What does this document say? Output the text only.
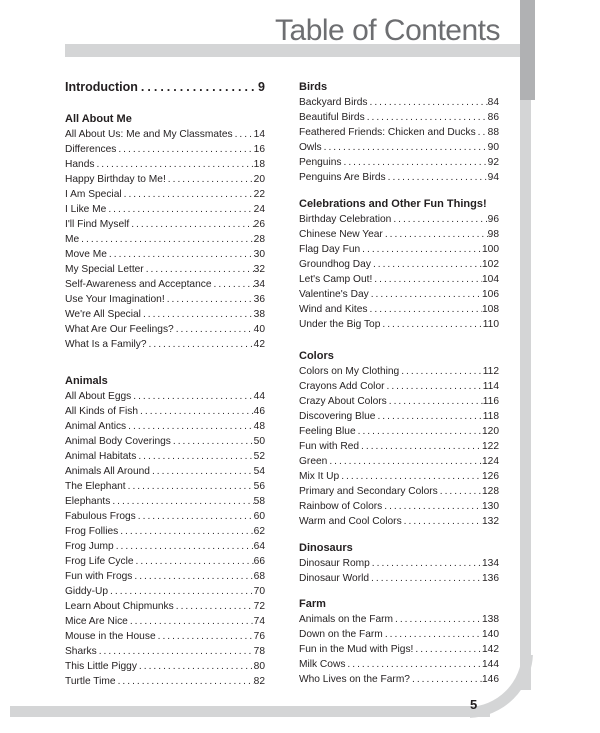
Table of Contents
5
Introduction .....	9
All About Me
All About Us: Me and My Classmates ..... 14
Differences .....	16
Hands .....	18
Happy Birthday to Me! .....	20
I Am Special .....	22
I Like Me .....	24
I'll Find Myself .....	26
Me .....	28
Move Me .....	30
My Special Letter .....	32
Self-Awareness and Acceptance .....	34
Use Your Imagination! .....	36
We're All Special .....	38
What Are Our Feelings? .....	40
What Is a Family? .....	42
Animals
All About Eggs .....	44
All Kinds of Fish .....	46
Animal Antics .....	48
Animal Body Coverings .....	50
Animal Habitats .....	52
Animals All Around .....	54
The Elephant .....	56
Elephants .....	58
Fabulous Frogs .....	60
Frog Follies .....	62
Frog Jump .....	64
Frog Life Cycle .....	66
Fun with Frogs .....	68
Giddy-Up .....	70
Learn About Chipmunks .....	72
Mice Are Nice .....	74
Mouse in the House .....	76
Sharks .....	78
This Little Piggy .....	80
Turtle Time .....	82
Birds
Backyard Birds .....	84
Beautiful Birds .....	86
Feathered Friends: Chicken and Ducks ..... 88
Owls .....	90
Penguins .....	92
Penguins Are Birds .....	94
Celebrations and Other Fun Things!
Birthday Celebration .....	96
Chinese New Year .....	98
Flag Day Fun .....	100
Groundhog Day .....	102
Let's Camp Out! .....	104
Valentine's Day .....	106
Wind and Kites .....	108
Under the Big Top .....	110
Colors
Colors on My Clothing .....	112
Crayons Add Color .....	114
Crazy About Colors .....	116
Discovering Blue .....	118
Feeling Blue .....	120
Fun with Red .....	122
Green .....	124
Mix It Up .....	126
Primary and Secondary Colors .....	128
Rainbow of Colors .....	130
Warm and Cool Colors .....	132
Dinosaurs
Dinosaur Romp .....	134
Dinosaur World .....	136
Farm
Animals on the Farm .....	138
Down on the Farm .....	140
Fun in the Mud with Pigs! .....	142
Milk Cows .....	144
Who Lives on the Farm? .....	146
